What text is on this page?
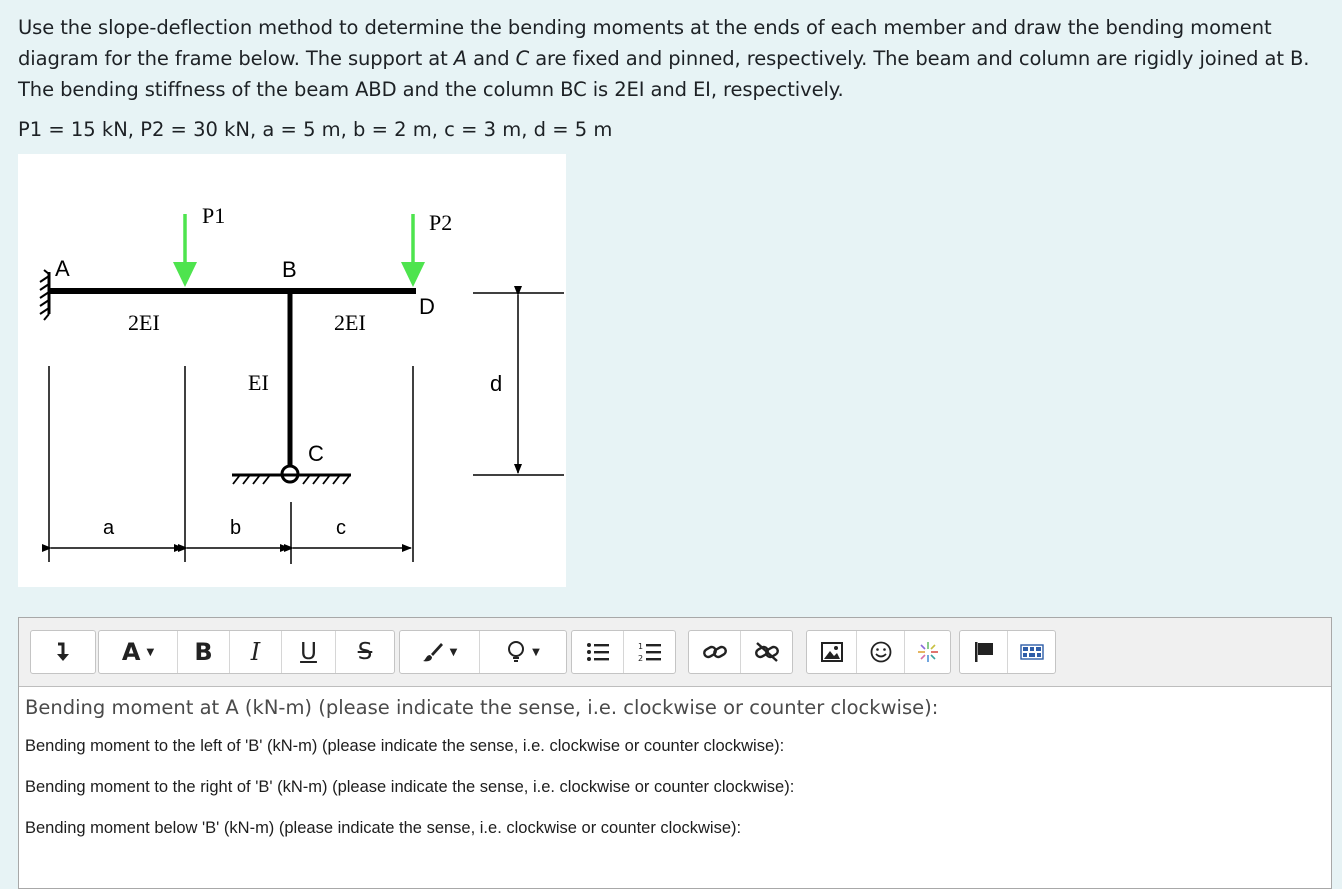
Use the slope-deflection method to determine the bending moments at the ends of each member and draw the bending moment diagram for the frame below. The support at A and C are fixed and pinned, respectively. The beam and column are rigidly joined at B. The bending stiffness of the beam ABD and the column BC is 2EI and EI, respectively.

P1 = 15 kN, P2 = 30 kN, a = 5 m, b = 2 m, c = 3 m, d = 5 m
P1	P2
A	B
D
C
2EI	2EI
EI
a	b	c
d
A ▼ B I U S	▼	▼	1
2

Bending moment at A (kN-m) (please indicate the sense, i.e. clockwise or counter clockwise):

Bending moment to the left of 'B' (kN-m) (please indicate the sense, i.e. clockwise or counter clockwise):

Bending moment to the right of 'B' (kN-m) (please indicate the sense, i.e. clockwise or counter clockwise):

Bending moment below 'B' (kN-m) (please indicate the sense, i.e. clockwise or counter clockwise):
